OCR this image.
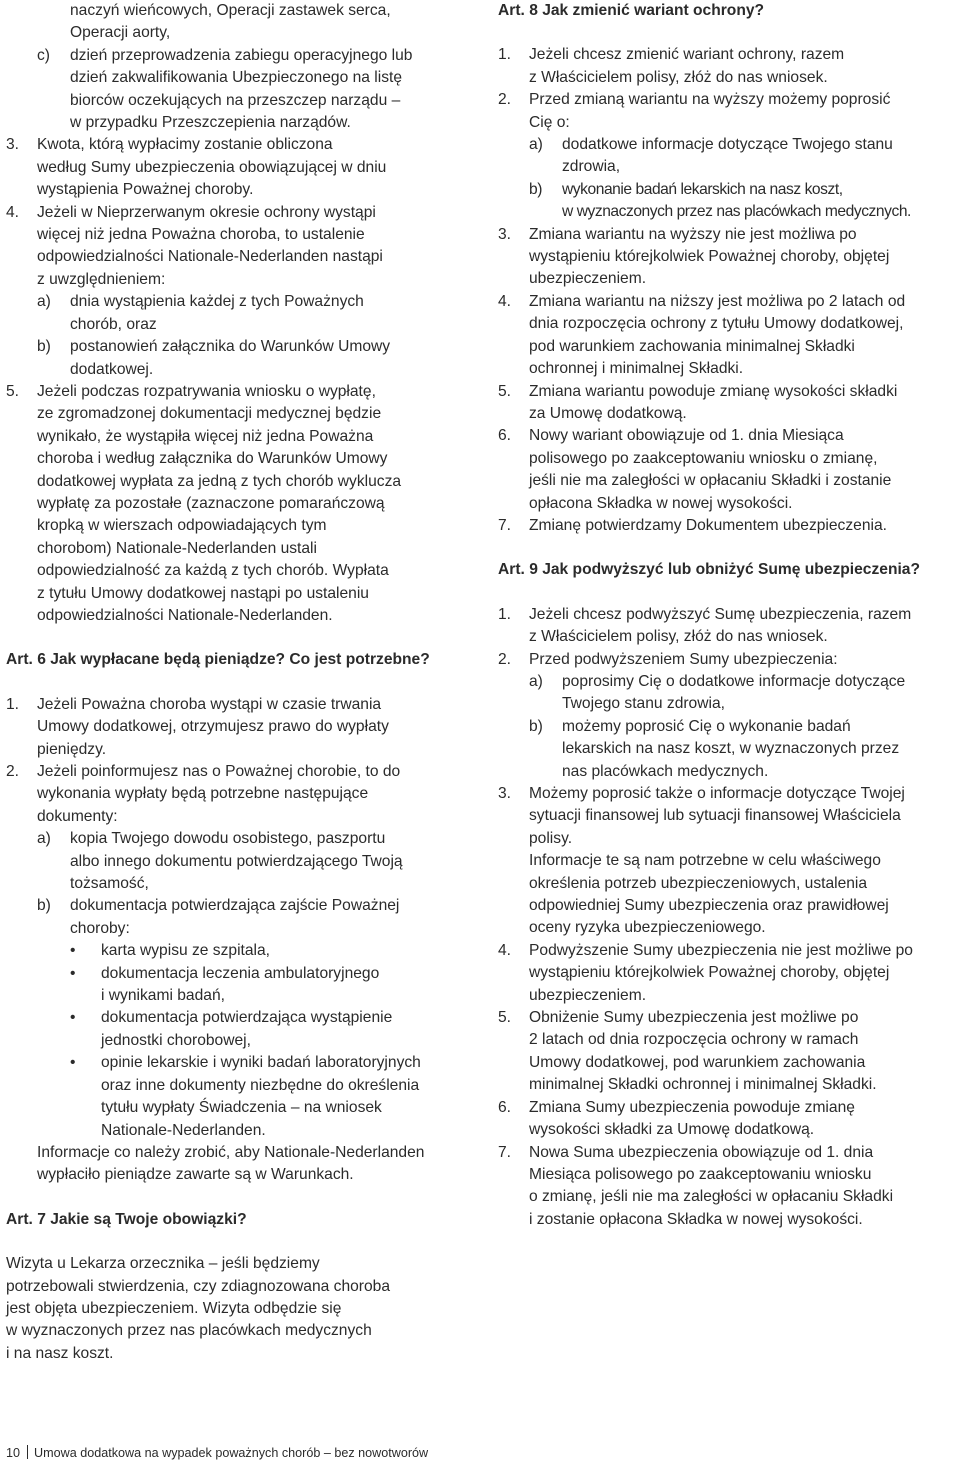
naczyń wieńcowych, Operacji zastawek serca,
Operacji aorty,
c) dzień przeprowadzenia zabiegu operacyjnego lub
dzień zakwalifikowania Ubezpieczonego na listę
biorców oczekujących na przeszczep narządu –
w przypadku Przeszczepienia narządów.
3. Kwota, którą wypłacimy zostanie obliczona
według Sumy ubezpieczenia obowiązującej w dniu
wystąpienia Poważnej choroby.
4. Jeżeli w Nieprzerwanym okresie ochrony wystąpi
więcej niż jedna Poważna choroba, to ustalenie
odpowiedzialności Nationale-Nederlanden nastąpi
z uwzględnieniem:
a) dnia wystąpienia każdej z tych Poważnych
chorób, oraz
b) postanowień załącznika do Warunków Umowy
dodatkowej.
5. Jeżeli podczas rozpatrywania wniosku o wypłatę,
ze zgromadzonej dokumentacji medycznej będzie
wynikało, że wystąpiła więcej niż jedna Poważna
choroba i według załącznika do Warunków Umowy
dodatkowej wypłata za jedną z tych chorób wyklucza
wypłatę za pozostałe (zaznaczone pomarańczową
kropką w wierszach odpowiadających tym
chorobom) Nationale-Nederlanden ustali
odpowiedzialność za każdą z tych chorób. Wypłata
z tytułu Umowy dodatkowej nastąpi po ustaleniu
odpowiedzialności Nationale-Nederlanden.

Art. 6 Jak wypłacane będą pieniądze? Co jest potrzebne?

1. Jeżeli Poważna choroba wystąpi w czasie trwania
Umowy dodatkowej, otrzymujesz prawo do wypłaty
pieniędzy.
2. Jeżeli poinformujesz nas o Poważnej chorobie, to do
wykonania wypłaty będą potrzebne następujące
dokumenty:
a) kopia Twojego dowodu osobistego, paszportu
albo innego dokumentu potwierdzającego Twoją
tożsamość,
b) dokumentacja potwierdzająca zajście Poważnej
choroby:
• karta wypisu ze szpitala,
• dokumentacja leczenia ambulatoryjnego
i wynikami badań,
• dokumentacja potwierdzająca wystąpienie
jednostki chorobowej,
• opinie lekarskie i wyniki badań laboratoryjnych
oraz inne dokumenty niezbędne do określenia
tytułu wypłaty Świadczenia – na wniosek
Nationale-Nederlanden.
Informacje co należy zrobić, aby Nationale-Nederlanden
wypłaciło pieniądze zawarte są w Warunkach.

Art. 7 Jakie są Twoje obowiązki?

Wizyta u Lekarza orzecznika – jeśli będziemy
potrzebowali stwierdzenia, czy zdiagnozowana choroba
jest objęta ubezpieczeniem. Wizyta odbędzie się
w wyznaczonych przez nas placówkach medycznych
i na nasz koszt.

Art. 8 Jak zmienić wariant ochrony?

1. Jeżeli chcesz zmienić wariant ochrony, razem
z Właścicielem polisy, złóż do nas wniosek.
2. Przed zmianą wariantu na wyższy możemy poprosić
Cię o:
a) dodatkowe informacje dotyczące Twojego stanu
zdrowia,
b) wykonanie badań lekarskich na nasz koszt,
w wyznaczonych przez nas placówkach medycznych.
3. Zmiana wariantu na wyższy nie jest możliwa po
wystąpieniu którejkolwiek Poważnej choroby, objętej
ubezpieczeniem.
4. Zmiana wariantu na niższy jest możliwa po 2 latach od
dnia rozpoczęcia ochrony z tytułu Umowy dodatkowej,
pod warunkiem zachowania minimalnej Składki
ochronnej i minimalnej Składki.
5. Zmiana wariantu powoduje zmianę wysokości składki
za Umowę dodatkową.
6. Nowy wariant obowiązuje od 1. dnia Miesiąca
polisowego po zaakceptowaniu wniosku o zmianę,
jeśli nie ma zaległości w opłacaniu Składki i zostanie
opłacona Składka w nowej wysokości.
7. Zmianę potwierdzamy Dokumentem ubezpieczenia.

Art. 9 Jak podwyższyć lub obniżyć Sumę ubezpieczenia?

1. Jeżeli chcesz podwyższyć Sumę ubezpieczenia, razem
z Właścicielem polisy, złóż do nas wniosek.
2. Przed podwyższeniem Sumy ubezpieczenia:
a) poprosimy Cię o dodatkowe informacje dotyczące
Twojego stanu zdrowia,
b) możemy poprosić Cię o wykonanie badań
lekarskich na nasz koszt, w wyznaczonych przez
nas placówkach medycznych.
3. Możemy poprosić także o informacje dotyczące Twojej
sytuacji finansowej lub sytuacji finansowej Właściciela
polisy.
Informacje te są nam potrzebne w celu właściwego
określenia potrzeb ubezpieczeniowych, ustalenia
odpowiedniej Sumy ubezpieczenia oraz prawidłowej
oceny ryzyka ubezpieczeniowego.
4. Podwyższenie Sumy ubezpieczenia nie jest możliwe po
wystąpieniu którejkolwiek Poważnej choroby, objętej
ubezpieczeniem.
5. Obniżenie Sumy ubezpieczenia jest możliwe po
2 latach od dnia rozpoczęcia ochrony w ramach
Umowy dodatkowej, pod warunkiem zachowania
minimalnej Składki ochronnej i minimalnej Składki.
6. Zmiana Sumy ubezpieczenia powoduje zmianę
wysokości składki za Umowę dodatkową.
7. Nowa Suma ubezpieczenia obowiązuje od 1. dnia
Miesiąca polisowego po zaakceptowaniu wniosku
o zmianę, jeśli nie ma zaległości w opłacaniu Składki
i zostanie opłacona Składka w nowej wysokości.
10 Umowa dodatkowa na wypadek poważnych chorób – bez nowotworów
